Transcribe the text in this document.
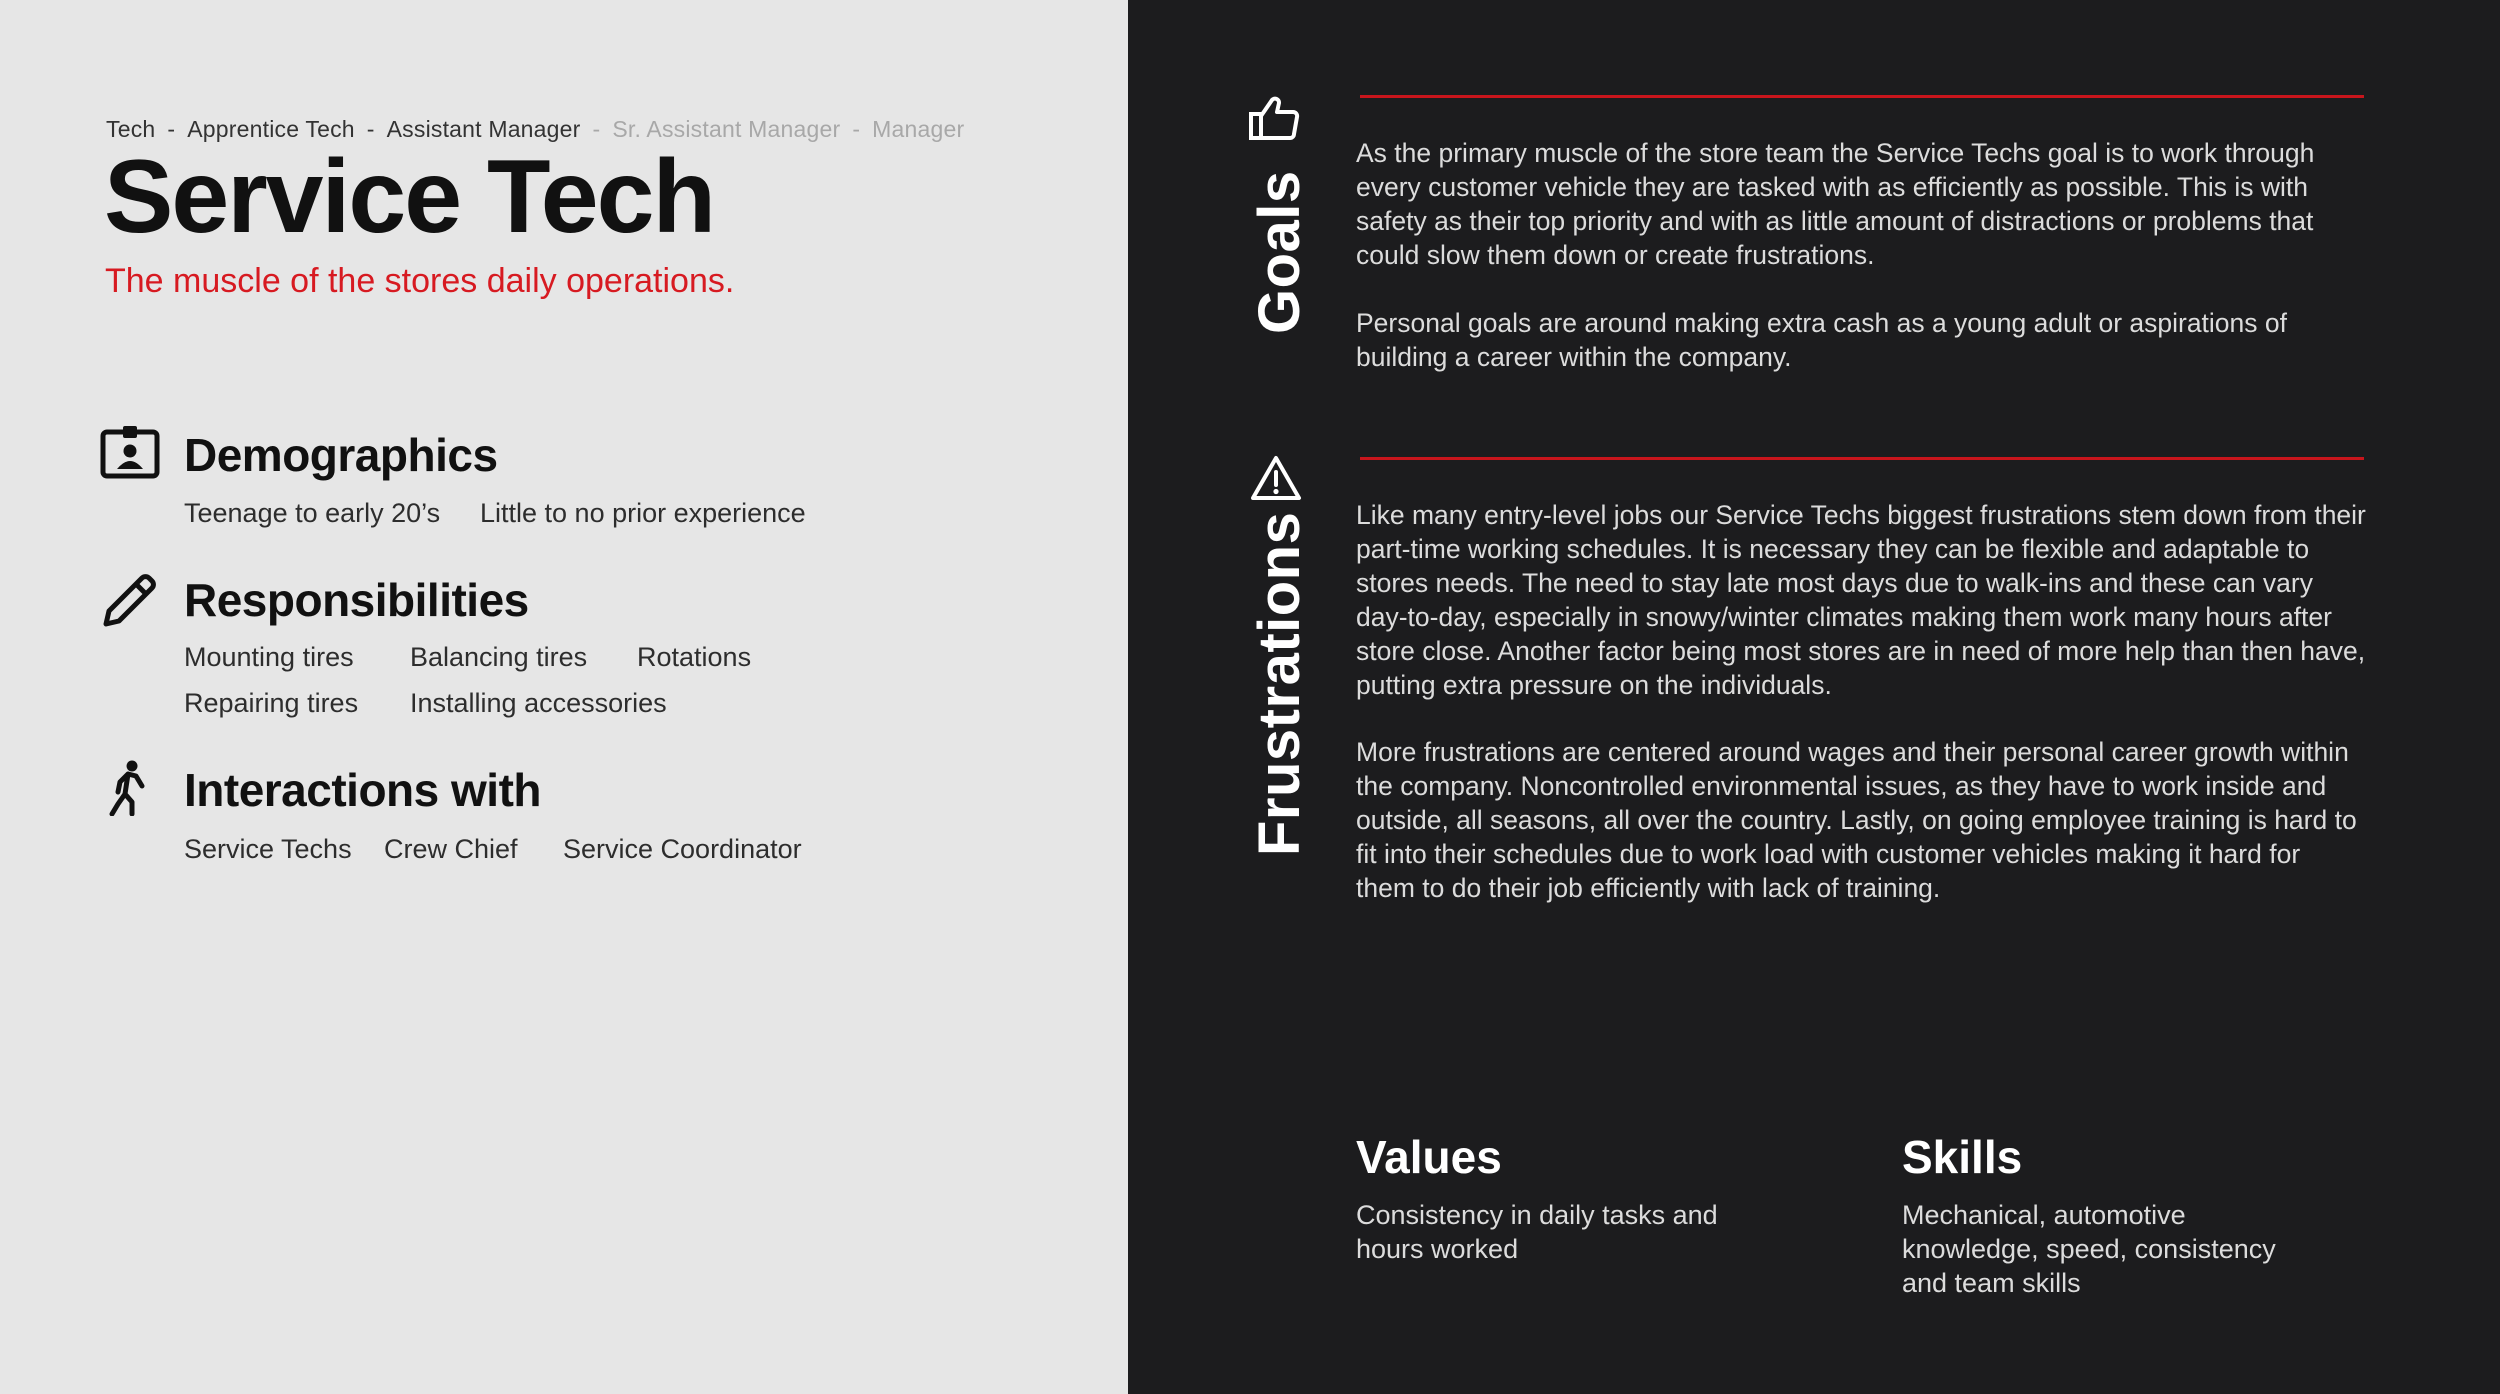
Tech - Apprentice Tech - Assistant Manager - Sr. Assistant Manager - Manager
Service Tech
The muscle of the stores daily operations.
Demographics
Teenage to early 20’s Little to no prior experience
Responsibilities
Mounting tires Balancing tires Rotations
Repairing tires Installing accessories
Interactions with
Service Techs Crew Chief Service Coordinator
Goals

As the primary muscle of the store team the Service Techs goal is to work through every customer vehicle they are tasked with as efficiently as possible. This is with safety as their top priority and with as little amount of distractions or problems that could slow them down or create frustrations.

Personal goals are around making extra cash as a young adult or aspirations of building a career within the company.

Frustrations Like many entry-level jobs our Service Techs biggest frustrations stem down from their part-time working schedules. It is necessary they can be flexible and adaptable to stores needs. The need to stay late most days due to walk-ins and these can vary day-to-day, especially in snowy/winter climates making them work many hours after store close. Another factor being most stores are in need of more help than then have, putting extra pressure on the individuals.

More frustrations are centered around wages and their personal career growth within the company. Noncontrolled environmental issues, as they have to work inside and outside, all seasons, all over the country. Lastly, on going employee training is hard to fit into their schedules due to work load with customer vehicles making it hard for them to do their job efficiently with lack of training.

Values

Consistency in daily tasks and hours worked

Skills

Mechanical, automotive knowledge, speed, consistency and team skills
